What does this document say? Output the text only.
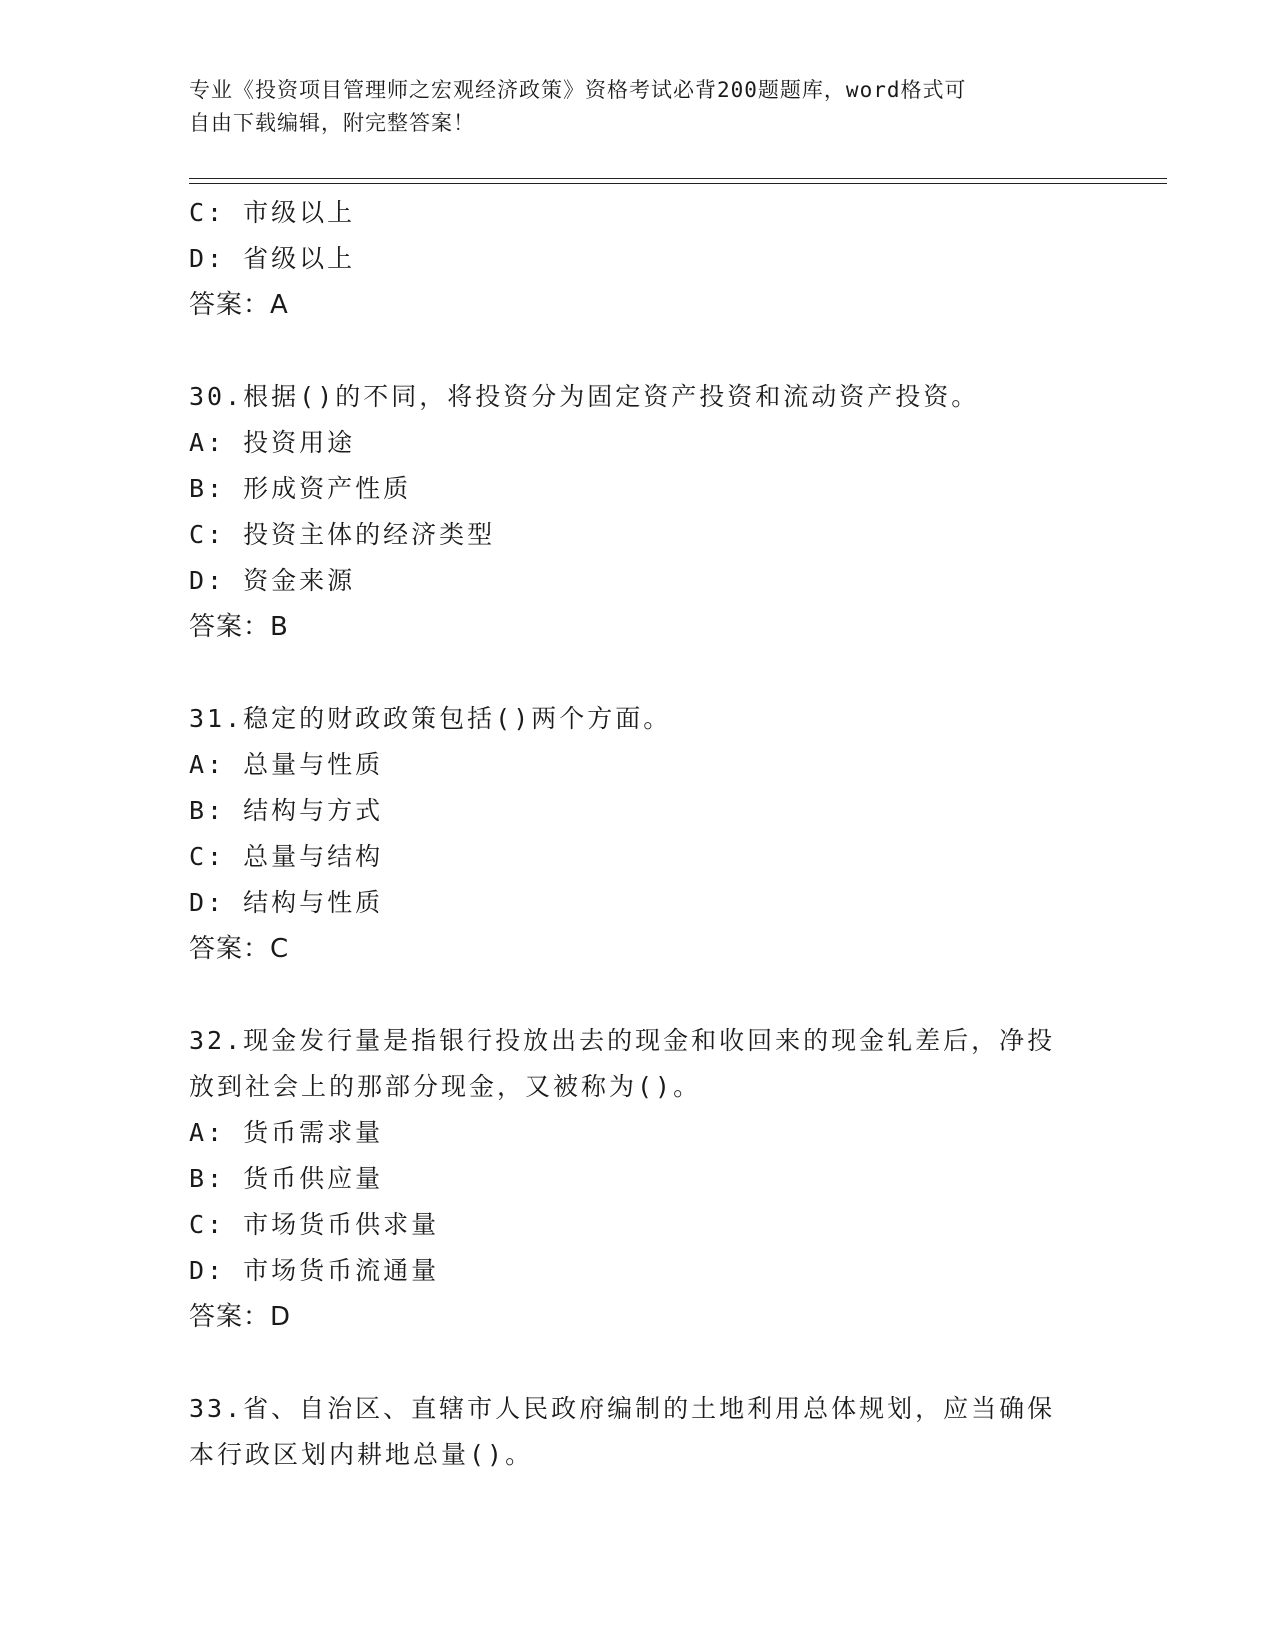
专业《投资项目管理师之宏观经济政策》资格考试必背200题题库，word格式可
自由下载编辑，附完整答案！
C: 市级以上
D: 省级以上
答案：A
30.根据()的不同，将投资分为固定资产投资和流动资产投资。
A: 投资用途
B: 形成资产性质
C: 投资主体的经济类型
D: 资金来源
答案：B
31.稳定的财政政策包括()两个方面。
A: 总量与性质
B: 结构与方式
C: 总量与结构
D: 结构与性质
答案：C
32.现金发行量是指银行投放出去的现金和收回来的现金轧差后，净投
放到社会上的那部分现金，又被称为()。
A: 货币需求量
B: 货币供应量
C: 市场货币供求量
D: 市场货币流通量
答案：D
33.省、自治区、直辖市人民政府编制的土地利用总体规划，应当确保
本行政区划内耕地总量()。
